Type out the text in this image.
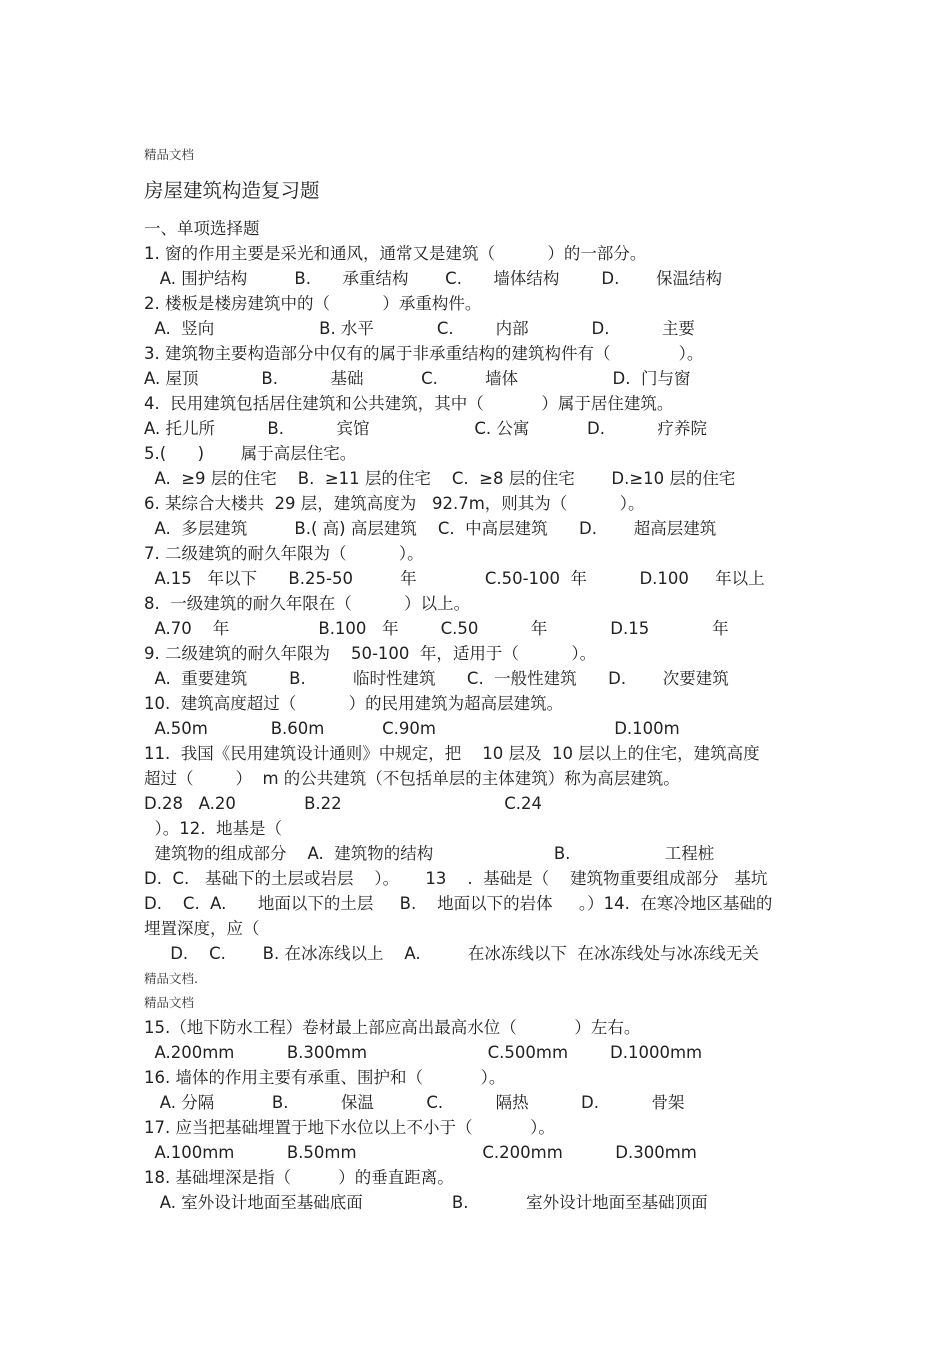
精品文档
房屋建筑构造复习题
一、单项选择题
1. 窗的作用主要是采光和通风，通常又是建筑（          ）的一部分。
A. 围护结构         B.      承重结构       C.      墙体结构        D.       保温结构
2. 楼板是楼房建筑中的（          ）承重构件。
A.  竖向                    B. 水平            C.        内部            D.          主要
3. 建筑物主要构造部分中仅有的属于非承重结构的建筑构件有（             ）。
A. 屋顶            B.          基础           C.         墙体                  D.  门与窗
4.  民用建筑包括居住建筑和公共建筑，其中（           ）属于居住建筑。
A. 托儿所          B.          宾馆                    C. 公寓           D.          疗养院
5.(      )       属于高层住宅。
A.  ≥9 层的住宅    B.  ≥11 层的住宅    C.  ≥8 层的住宅       D.≥10 层的住宅
6. 某综合大楼共  29 层，建筑高度为   92.7m，则其为（          ）。
A.  多层建筑         B.( 高) 高层建筑    C.  中高层建筑      D.       超高层建筑
7. 二级建筑的耐久年限为（          ）。
A.15   年以下      B.25-50         年             C.50-100  年          D.100     年以上
8.  一级建筑的耐久年限在（          ）以上。
A.70    年                 B.100   年        C.50          年            D.15            年
9. 二级建筑的耐久年限为    50-100  年，适用于（          ）。
A.  重要建筑        B.         临时性建筑      C.  一般性建筑      D.       次要建筑
10.  建筑高度超过（          ）的民用建筑为超高层建筑。
A.50m            B.60m           C.90m                                  D.100m
11.  我国《民用建筑设计通则》中规定，把    10 层及  10 层以上的住宅，建筑高度
超过（        ）  m 的公共建筑（不包括单层的主体建筑）称为高层建筑。
D.28   A.20             B.22                               C.24
）。12.  地基是（
建筑物的组成部分    A.  建筑物的结构                       B.                  工程桩
D.  C.   基础下的土层或岩层    ）。     13    .  基础是（    建筑物重要组成部分   基坑
D.    C.  A.      地面以下的土层     B.    地面以下的岩体     。）14.  在寒冷地区基础的
埋置深度，应（
D.    C.       B. 在冰冻线以上    A.         在冰冻线以下  在冰冻线处与冰冻线无关
精品文档.
精品文档
15.（地下防水工程）卷材最上部应高出最高水位（           ）左右。
A.200mm          B.300mm                       C.500mm        D.1000mm
16. 墙体的作用主要有承重、围护和（           ）。
A. 分隔           B.          保温          C.          隔热          D.          骨架
17. 应当把基础埋置于地下水位以上不小于（           ）。
A.100mm          B.50mm                        C.200mm          D.300mm
18. 基础埋深是指（         ）的垂直距离。
A. 室外设计地面至基础底面                 B.           室外设计地面至基础顶面
